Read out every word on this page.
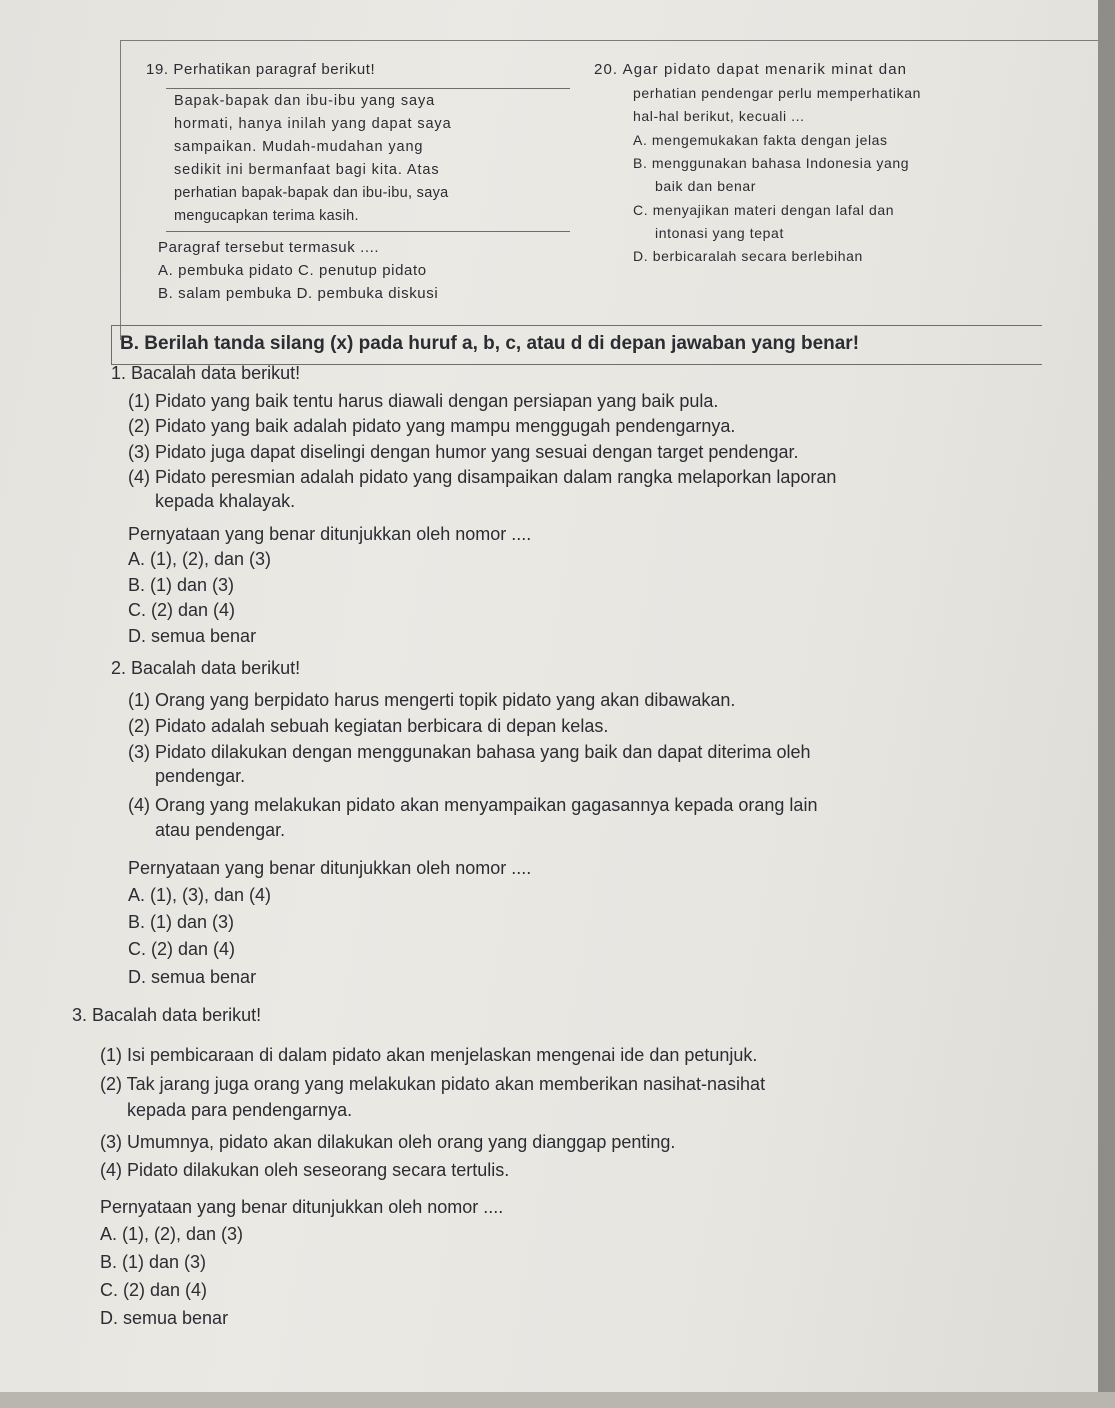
19. Perhatikan paragraf berikut!
Bapak-bapak dan ibu-ibu yang saya
hormati, hanya inilah yang dapat saya
sampaikan. Mudah-mudahan yang
sedikit ini bermanfaat bagi kita. Atas
perhatian bapak-bapak dan ibu-ibu, saya
mengucapkan terima kasih.
Paragraf tersebut termasuk ....
A. pembuka pidato C. penutup pidato
B. salam pembuka D. pembuka diskusi
20. Agar pidato dapat menarik minat dan
perhatian pendengar perlu memperhatikan
hal-hal berikut, kecuali ...
A. mengemukakan fakta dengan jelas
B. menggunakan bahasa Indonesia yang
baik dan benar
C. menyajikan materi dengan lafal dan
intonasi yang tepat
D. berbicaralah secara berlebihan
B. Berilah tanda silang (x) pada huruf a, b, c, atau d di depan jawaban yang benar!
1. Bacalah data berikut!
(1) Pidato yang baik tentu harus diawali dengan persiapan yang baik pula.
(2) Pidato yang baik adalah pidato yang mampu menggugah pendengarnya.
(3) Pidato juga dapat diselingi dengan humor yang sesuai dengan target pendengar.
(4) Pidato peresmian adalah pidato yang disampaikan dalam rangka melaporkan laporan
kepada khalayak.
Pernyataan yang benar ditunjukkan oleh nomor ....
A. (1), (2), dan (3)
B. (1) dan (3)
C. (2) dan (4)
D. semua benar
2. Bacalah data berikut!
(1) Orang yang berpidato harus mengerti topik pidato yang akan dibawakan.
(2) Pidato adalah sebuah kegiatan berbicara di depan kelas.
(3) Pidato dilakukan dengan menggunakan bahasa yang baik dan dapat diterima oleh
pendengar.
(4) Orang yang melakukan pidato akan menyampaikan gagasannya kepada orang lain
atau pendengar.
Pernyataan yang benar ditunjukkan oleh nomor ....
A. (1), (3), dan (4)
B. (1) dan (3)
C. (2) dan (4)
D. semua benar
3. Bacalah data berikut!
(1) Isi pembicaraan di dalam pidato akan menjelaskan mengenai ide dan petunjuk.
(2) Tak jarang juga orang yang melakukan pidato akan memberikan nasihat-nasihat
kepada para pendengarnya.
(3) Umumnya, pidato akan dilakukan oleh orang yang dianggap penting.
(4) Pidato dilakukan oleh seseorang secara tertulis.
Pernyataan yang benar ditunjukkan oleh nomor ....
A. (1), (2), dan (3)
B. (1) dan (3)
C. (2) dan (4)
D. semua benar
